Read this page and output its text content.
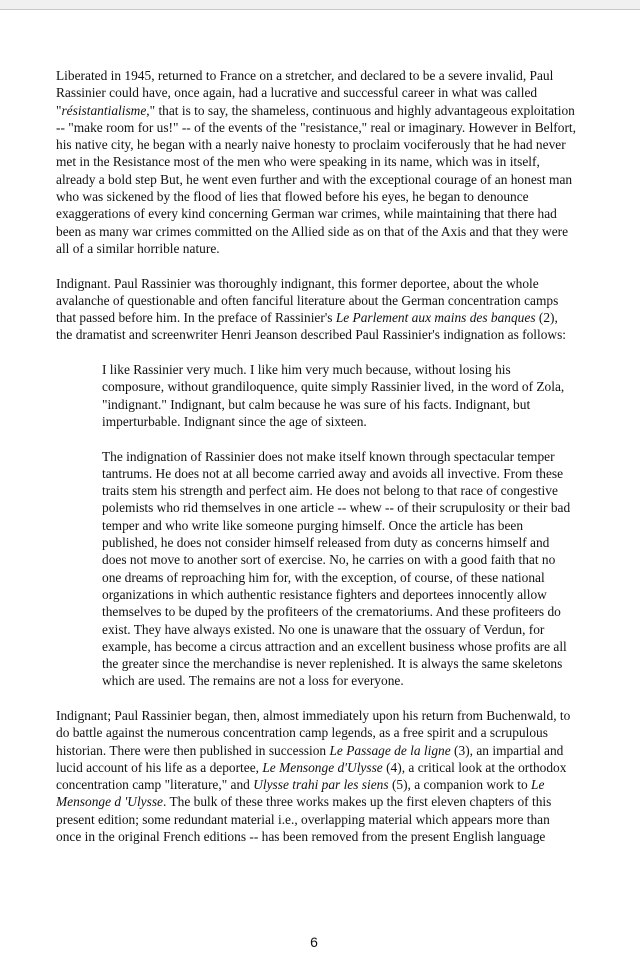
Liberated in 1945, returned to France on a stretcher, and declared to be a severe invalid, Paul Rassinier could have, once again, had a lucrative and successful career in what was called "résistantialisme," that is to say, the shameless, continuous and highly advantageous exploitation -- "make room for us!" -- of the events of the "resistance," real or imaginary. However in Belfort, his native city, he began with a nearly naive honesty to proclaim vociferously that he had never met in the Resistance most of the men who were speaking in its name, which was in itself, already a bold step But, he went even further and with the exceptional courage of an honest man who was sickened by the flood of lies that flowed before his eyes, he began to denounce exaggerations of every kind concerning German war crimes, while maintaining that there had been as many war crimes committed on the Allied side as on that of the Axis and that they were all of a similar horrible nature.

Indignant. Paul Rassinier was thoroughly indignant, this former deportee, about the whole avalanche of questionable and often fanciful literature about the German concentration camps that passed before him. In the preface of Rassinier's Le Parlement aux mains des banques (2), the dramatist and screenwriter Henri Jeanson described Paul Rassinier's indignation as follows:

I like Rassinier very much. I like him very much because, without losing his composure, without grandiloquence, quite simply Rassinier lived, in the word of Zola, "indignant." Indignant, but calm because he was sure of his facts. Indignant, but imperturbable. Indignant since the age of sixteen.

The indignation of Rassinier does not make itself known through spectacular temper tantrums. He does not at all become carried away and avoids all invective. From these traits stem his strength and perfect aim. He does not belong to that race of congestive polemists who rid themselves in one article -- whew -- of their scrupulosity or their bad temper and who write like someone purging himself. Once the article has been published, he does not consider himself released from duty as concerns himself and does not move to another sort of exercise. No, he carries on with a good faith that no one dreams of reproaching him for, with the exception, of course, of these national organizations in which authentic resistance fighters and deportees innocently allow themselves to be duped by the profiteers of the crematoriums. And these profiteers do exist. They have always existed. No one is unaware that the ossuary of Verdun, for example, has become a circus attraction and an excellent business whose profits are all the greater since the merchandise is never replenished. It is always the same skeletons which are used. The remains are not a loss for everyone.

Indignant; Paul Rassinier began, then, almost immediately upon his return from Buchenwald, to do battle against the numerous concentration camp legends, as a free spirit and a scrupulous historian. There were then published in succession Le Passage de la ligne (3), an impartial and lucid account of his life as a deportee, Le Mensonge d'Ulysse (4), a critical look at the orthodox concentration camp "literature," and Ulysse trahi par les siens (5), a companion work to Le Mensonge d 'Ulysse. The bulk of these three works makes up the first eleven chapters of this present edition; some redundant material i.e., overlapping material which appears more than once in the original French editions -- has been removed from the present English language

6
